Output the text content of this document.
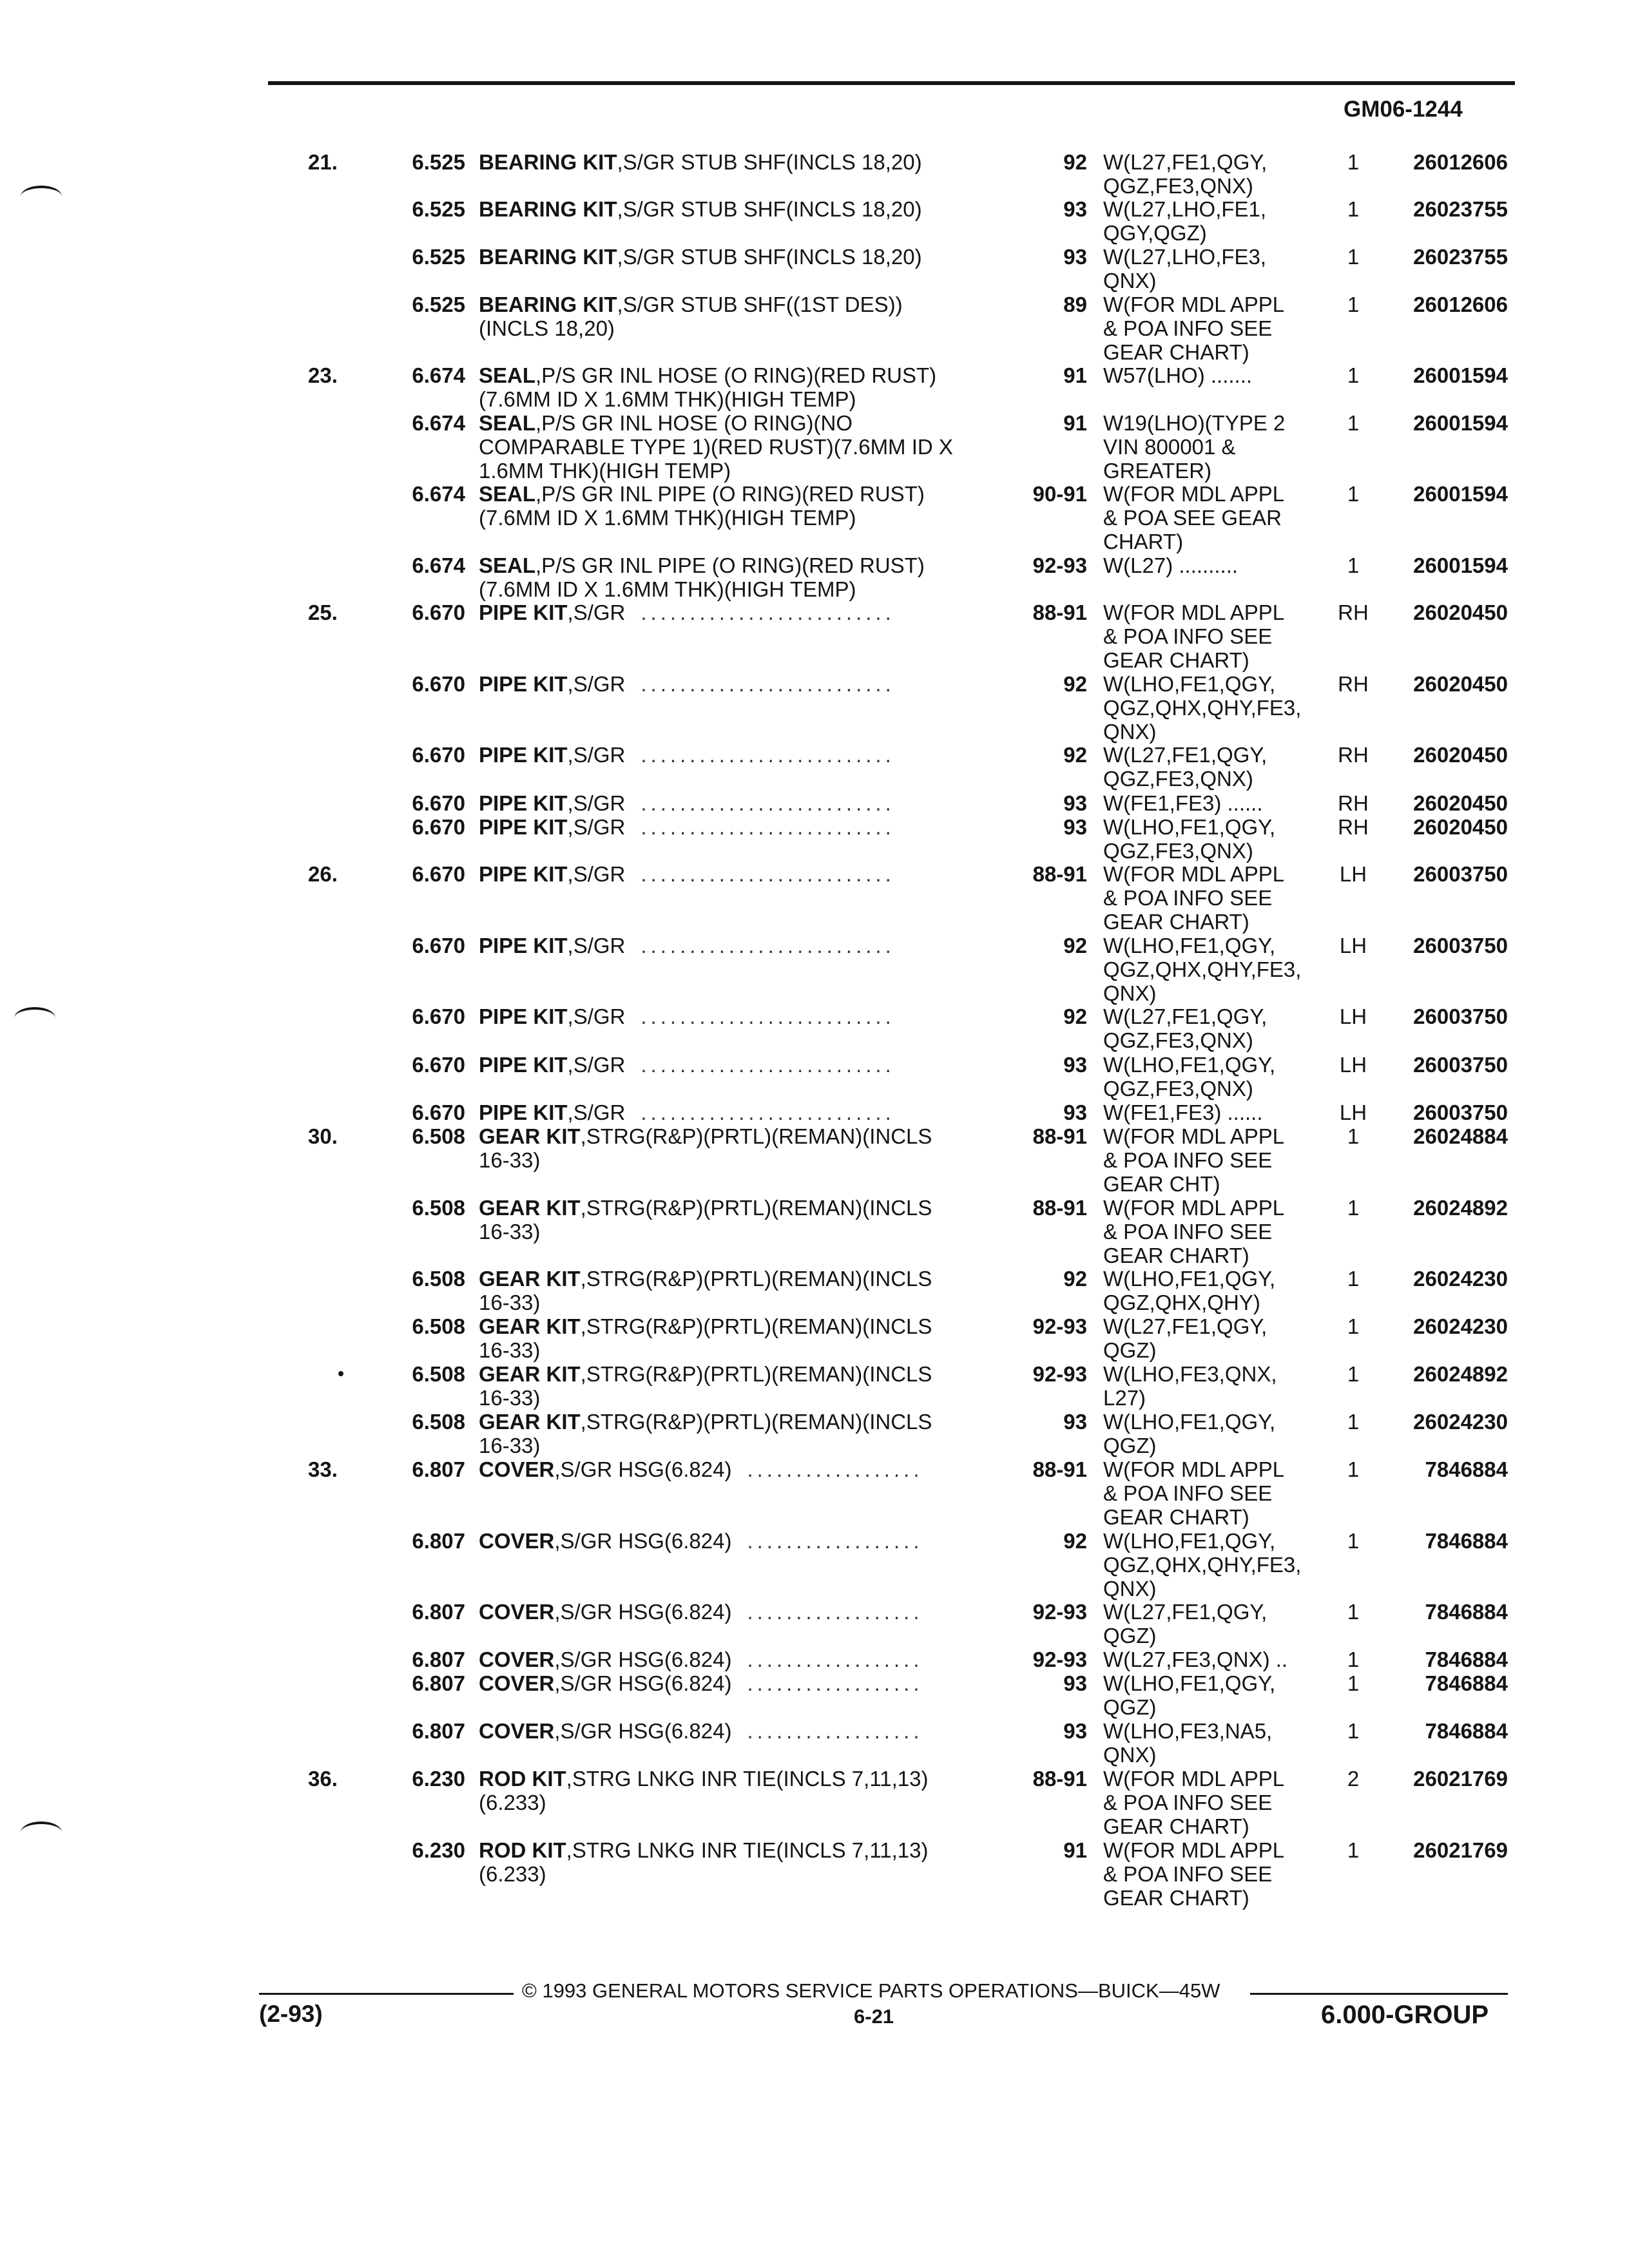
GM06-1244
21.	6.525 BEARING KIT,S/GR STUB SHF(INCLS 18,20)	92 W(L27,FE1,QGY,
QGZ,FE3,QNX)
1	26012606
6.525 BEARING KIT,S/GR STUB SHF(INCLS 18,20)	93 W(L27,LHO,FE1,
QGY,QGZ)
1	26023755
6.525 BEARING KIT,S/GR STUB SHF(INCLS 18,20)	93 W(L27,LHO,FE3,
QNX)
1	26023755
6.525 BEARING KIT,S/GR STUB SHF((1ST DES))
(INCLS 18,20)
89 W(FOR MDL APPL
& POA INFO SEE
GEAR CHART)
1	26012606
23.	6.674 SEAL,P/S GR INL HOSE (O RING)(RED RUST)
(7.6MM ID X 1.6MM THK)(HIGH TEMP)
91 W57(LHO) .......	1	26001594
6.674 SEAL,P/S GR INL HOSE (O RING)(NO
COMPARABLE TYPE 1)(RED RUST)(7.6MM ID X
1.6MM THK)(HIGH TEMP)
91 W19(LHO)(TYPE 2
VIN 800001 &
GREATER)
1	26001594
6.674 SEAL,P/S GR INL PIPE (O RING)(RED RUST)
(7.6MM ID X 1.6MM THK)(HIGH TEMP)
90-91 W(FOR MDL APPL
& POA SEE GEAR
CHART)
1	26001594
6.674 SEAL,P/S GR INL PIPE (O RING)(RED RUST)
(7.6MM ID X 1.6MM THK)(HIGH TEMP)
92-93 W(L27) ..........	1	26001594
25.	6.670 PIPE KIT,S/GR ..........................	88-91 W(FOR MDL APPL
& POA INFO SEE
GEAR CHART)
RH	26020450
6.670 PIPE KIT,S/GR ..........................	92 W(LHO,FE1,QGY,
QGZ,QHX,QHY,FE3,
QNX)
RH	26020450
6.670 PIPE KIT,S/GR ..........................	92 W(L27,FE1,QGY,
QGZ,FE3,QNX)
RH	26020450
6.670 PIPE KIT,S/GR ..........................	93 W(FE1,FE3) ......	RH	26020450
6.670 PIPE KIT,S/GR ..........................	93 W(LHO,FE1,QGY,
QGZ,FE3,QNX)
RH	26020450
26.	6.670 PIPE KIT,S/GR ..........................	88-91 W(FOR MDL APPL
& POA INFO SEE
GEAR CHART)
LH	26003750
6.670 PIPE KIT,S/GR ..........................	92 W(LHO,FE1,QGY,
QGZ,QHX,QHY,FE3,
QNX)
LH	26003750
6.670 PIPE KIT,S/GR ..........................	92 W(L27,FE1,QGY,
QGZ,FE3,QNX)
LH	26003750
6.670 PIPE KIT,S/GR ..........................	93 W(LHO,FE1,QGY,
QGZ,FE3,QNX)
LH	26003750
6.670 PIPE KIT,S/GR ..........................	93 W(FE1,FE3) ......	LH	26003750
30.	6.508 GEAR KIT,STRG(R&P)(PRTL)(REMAN)(INCLS
16-33)
88-91 W(FOR MDL APPL
& POA INFO SEE
GEAR CHT)
1	26024884
6.508 GEAR KIT,STRG(R&P)(PRTL)(REMAN)(INCLS
16-33)
88-91 W(FOR MDL APPL
& POA INFO SEE
GEAR CHART)
1	26024892
6.508 GEAR KIT,STRG(R&P)(PRTL)(REMAN)(INCLS
16-33)
92 W(LHO,FE1,QGY,
QGZ,QHX,QHY)
1	26024230
6.508 GEAR KIT,STRG(R&P)(PRTL)(REMAN)(INCLS
16-33)
92-93 W(L27,FE1,QGY,
QGZ)
1	26024230
6.508 GEAR KIT,STRG(R&P)(PRTL)(REMAN)(INCLS
16-33)
92-93 W(LHO,FE3,QNX,
L27)
1	26024892
6.508 GEAR KIT,STRG(R&P)(PRTL)(REMAN)(INCLS
16-33)
93 W(LHO,FE1,QGY,
QGZ)
1	26024230
33.	6.807 COVER,S/GR HSG(6.824) ..................	88-91 W(FOR MDL APPL
& POA INFO SEE
GEAR CHART)
1	7846884
6.807 COVER,S/GR HSG(6.824) ..................	92 W(LHO,FE1,QGY,
QGZ,QHX,QHY,FE3,
QNX)
1	7846884
6.807 COVER,S/GR HSG(6.824) ..................	92-93 W(L27,FE1,QGY,
QGZ)
1	7846884
6.807 COVER,S/GR HSG(6.824) ..................	92-93 W(L27,FE3,QNX) ..	1	7846884
6.807 COVER,S/GR HSG(6.824) ..................	93 W(LHO,FE1,QGY,
QGZ)
1	7846884
6.807 COVER,S/GR HSG(6.824) ..................	93 W(LHO,FE3,NA5,
QNX)
1	7846884
36.	6.230 ROD KIT,STRG LNKG INR TIE(INCLS 7,11,13)
(6.233)
88-91 W(FOR MDL APPL
& POA INFO SEE
GEAR CHART)
2	26021769
6.230 ROD KIT,STRG LNKG INR TIE(INCLS 7,11,13)
(6.233)
91 W(FOR MDL APPL
& POA INFO SEE
GEAR CHART)
1	26021769
© 1993 GENERAL MOTORS SERVICE PARTS OPERATIONS—BUICK—45W
6-21
(2-93)	6.000-GROUP
